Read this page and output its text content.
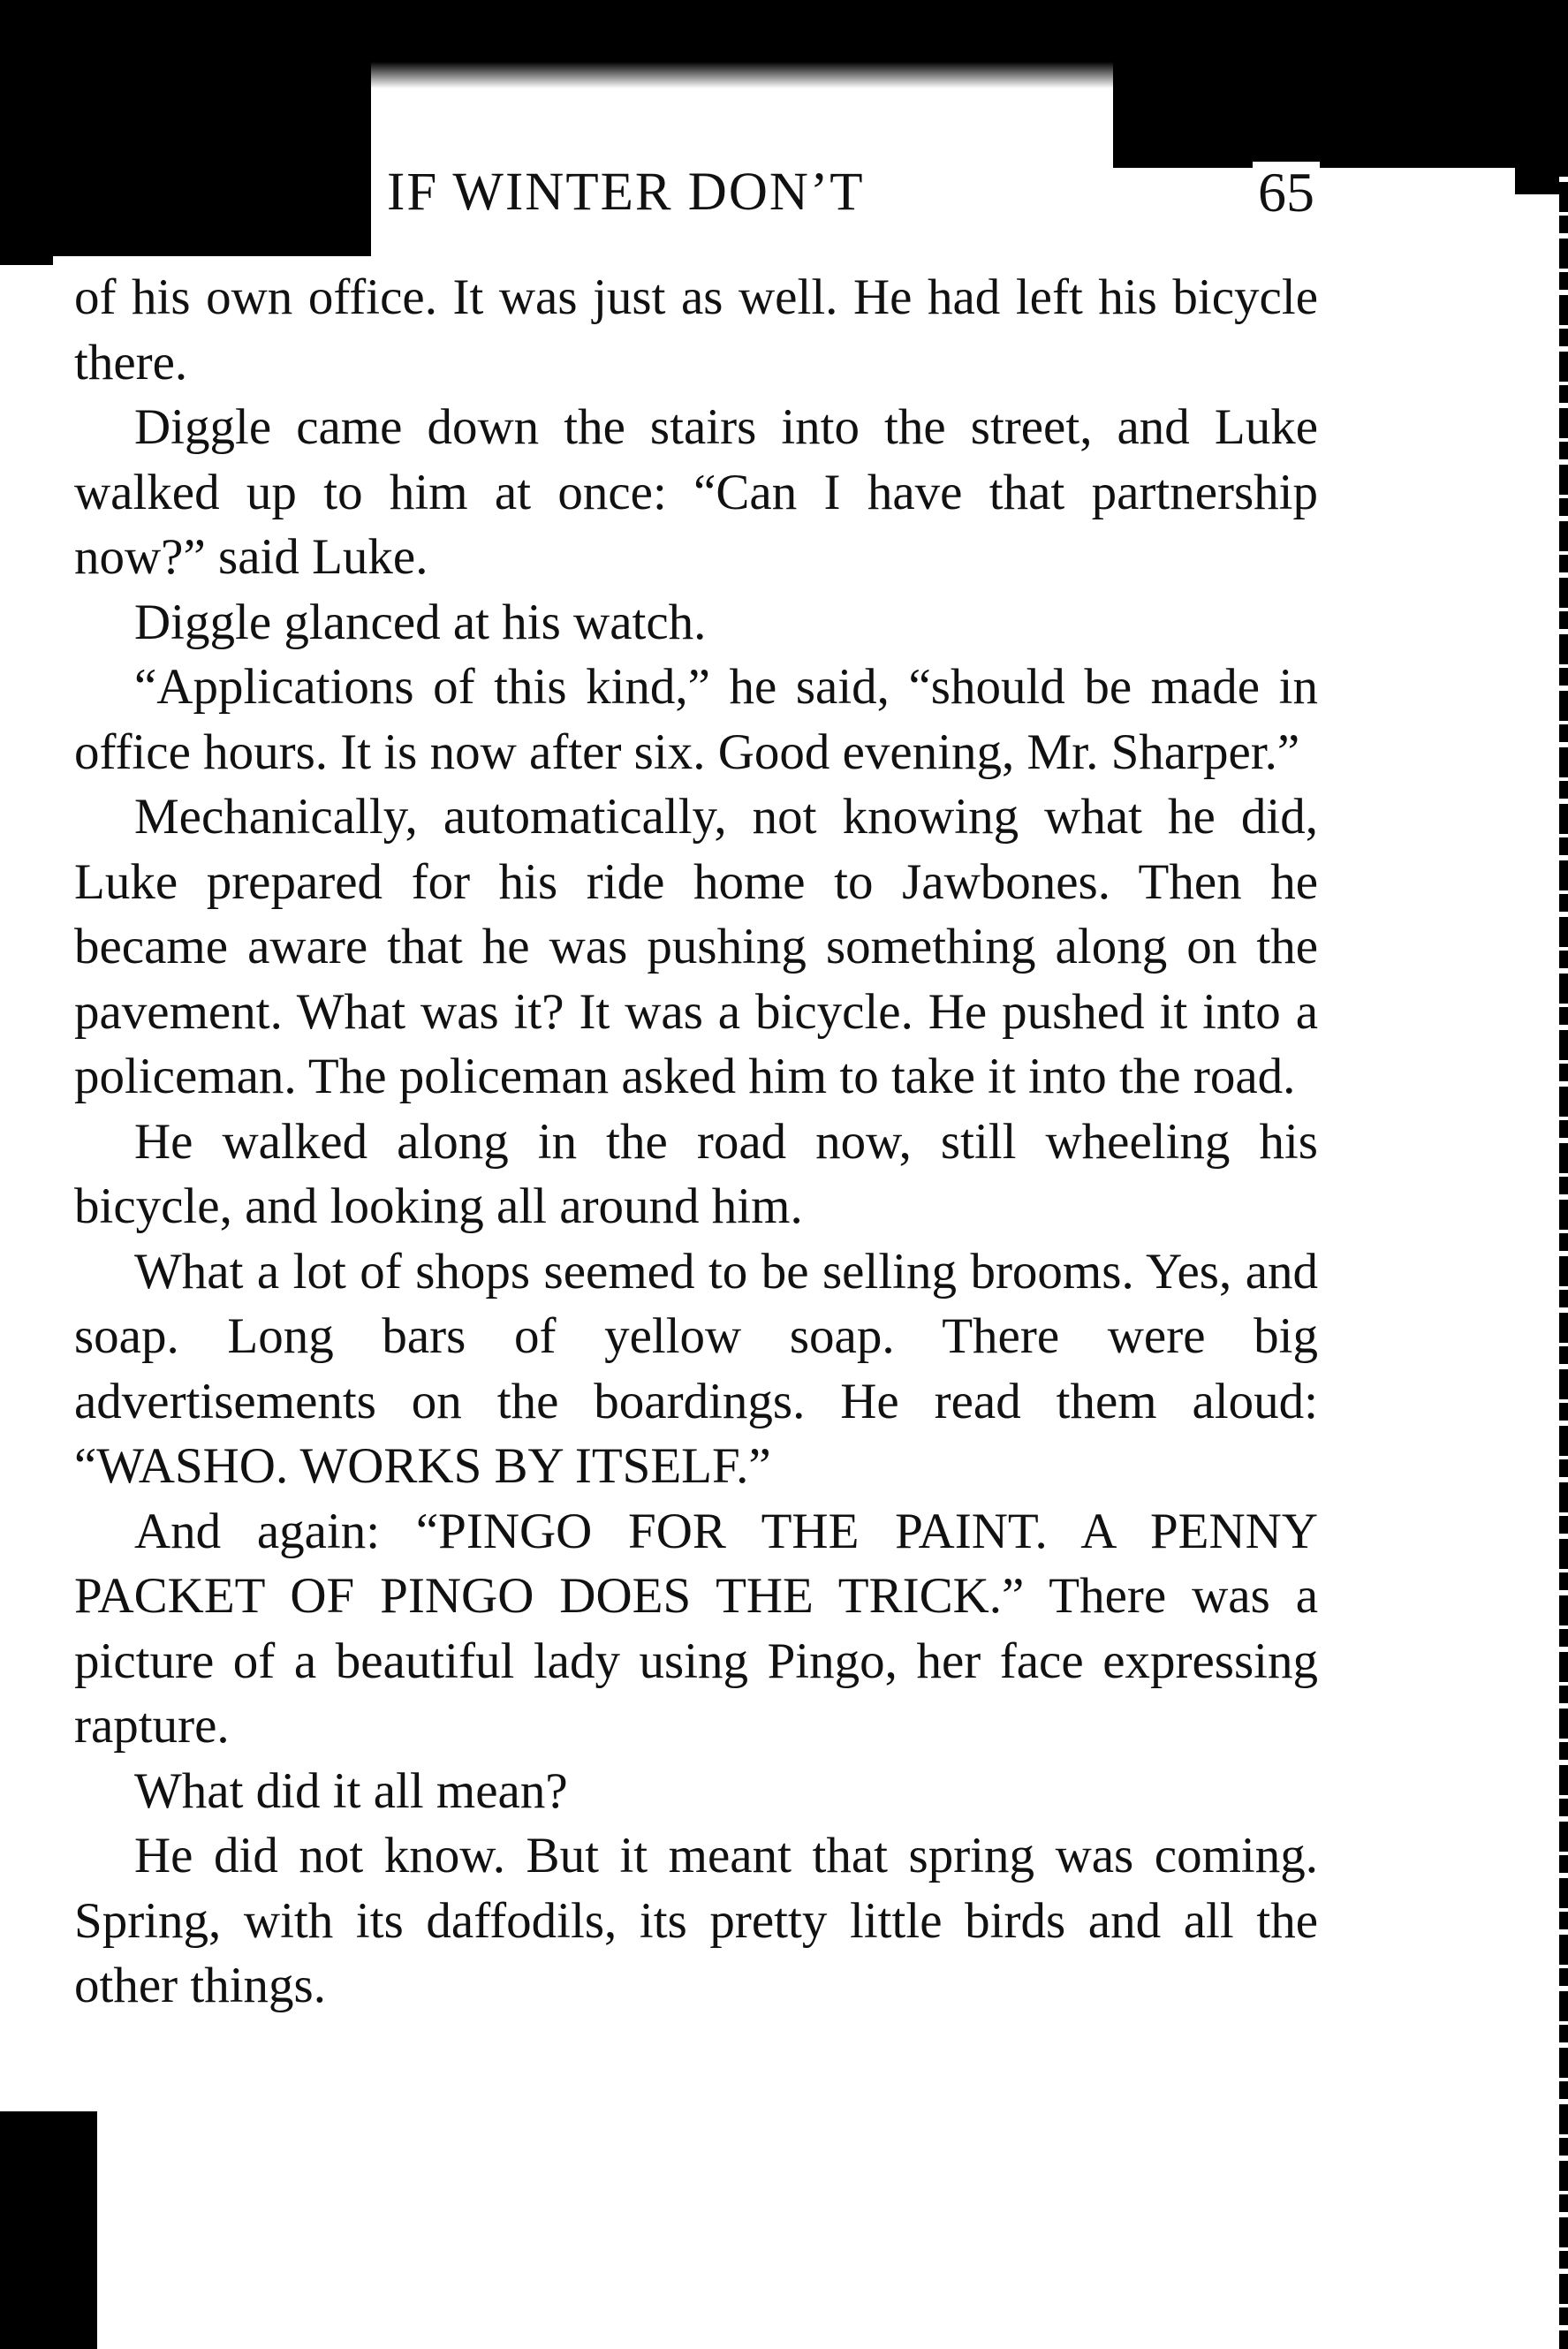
IF WINTER DON’T	65

of his own office. It was just as well. He had left his bicycle there.

Diggle came down the stairs into the street, and Luke walked up to him at once: “Can I have that partnership now?” said Luke.

Diggle glanced at his watch.

“Applications of this kind,” he said, “should be made in office hours. It is now after six. Good evening, Mr. Sharper.”

Mechanically, automatically, not knowing what he did, Luke prepared for his ride home to Jawbones. Then he became aware that he was pushing something along on the pavement. What was it? It was a bicycle. He pushed it into a policeman. The policeman asked him to take it into the road.

He walked along in the road now, still wheeling his bicycle, and looking all around him.

What a lot of shops seemed to be selling brooms. Yes, and soap. Long bars of yellow soap. There were big advertisements on the boardings. He read them aloud: “WASHO. WORKS BY ITSELF.”

And again: “PINGO FOR THE PAINT. A PENNY PACKET OF PINGO DOES THE TRICK.” There was a picture of a beautiful lady using Pingo, her face expressing rapture.

What did it all mean?

He did not know. But it meant that spring was coming. Spring, with its daffodils, its pretty little birds and all the other things.
